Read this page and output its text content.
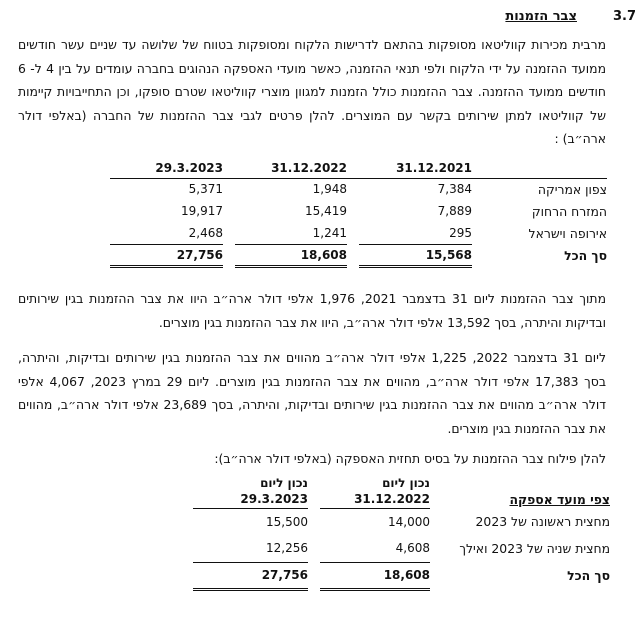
3.7
צבר הזמנות

מרבית מכירות קווליטאו מסופקות בהתאם לדרישות הלקוח ומסופקות בטווח של שלושה עד שניים עשר חודשים ממועד ההזמנה על ידי הלקוח ולפי תנאי ההזמנה, כאשר מועדי האספקה הנהוגים בחברה עומדים על בין 4 ל- 6 חודשים ממועד ההזמנה. צבר ההזמנות כולל הזמנות למגוון מוצרי קווליטאו שטרם סופקו, וכן התחייבויות קיימות של קווליטאו למתן שירותים בקשר עם המוצרים. להלן פרטים לגבי צבר ההזמנות של החברה (באלפי דולר ארה״ב) :

	31.12.2021		31.12.2022		29.3.2023
צפון אמריקה	7,384		1,948		5,371
המזרח הרחוק	7,889		15,419		19,917
אירופה וישראל	295		1,241		2,468
סך הכל	15,568		18,608		27,756

מתוך צבר ההזמנות ליום 31 בדצמבר 2021, 1,976 אלפי דולר ארה״ב היוו את צבר ההזמנות בגין שירותים ובדיקות והיתרה, בסך 13,592 אלפי דולר ארה״ב, היוו את צבר ההזמנות בגין מוצרים.

ליום 31 בדצמבר 2022, 1,225 אלפי דולר ארה״ב מהווים את צבר ההזמנות בגין שירותים ובדיקות, והיתרה, בסך 17,383 אלפי דולר ארה״ב, מהווים את צבר ההזמנות בגין מוצרים. ליום 29 במרץ 2023, 4,067 אלפי דולר ארה״ב מהווים את צבר ההזמנות בגין שירותים ובדיקות, והיתרה, בסך 23,689 אלפי דולר ארה״ב, מהווים את צבר ההזמנות בגין מוצרים.

להלן פילוח צבר ההזמנות על בסיס תחזית האספקה (באלפי דולר ארה״ב):

	נכון ליום		נכון ליום
צפי מועד אספקה	31.12.2022		29.3.2023
מחצית ראשונה של 2023	14,000		15,500
מחצית שניה של 2023 ואילך	4,608		12,256
סך הכל	18,608		27,756
